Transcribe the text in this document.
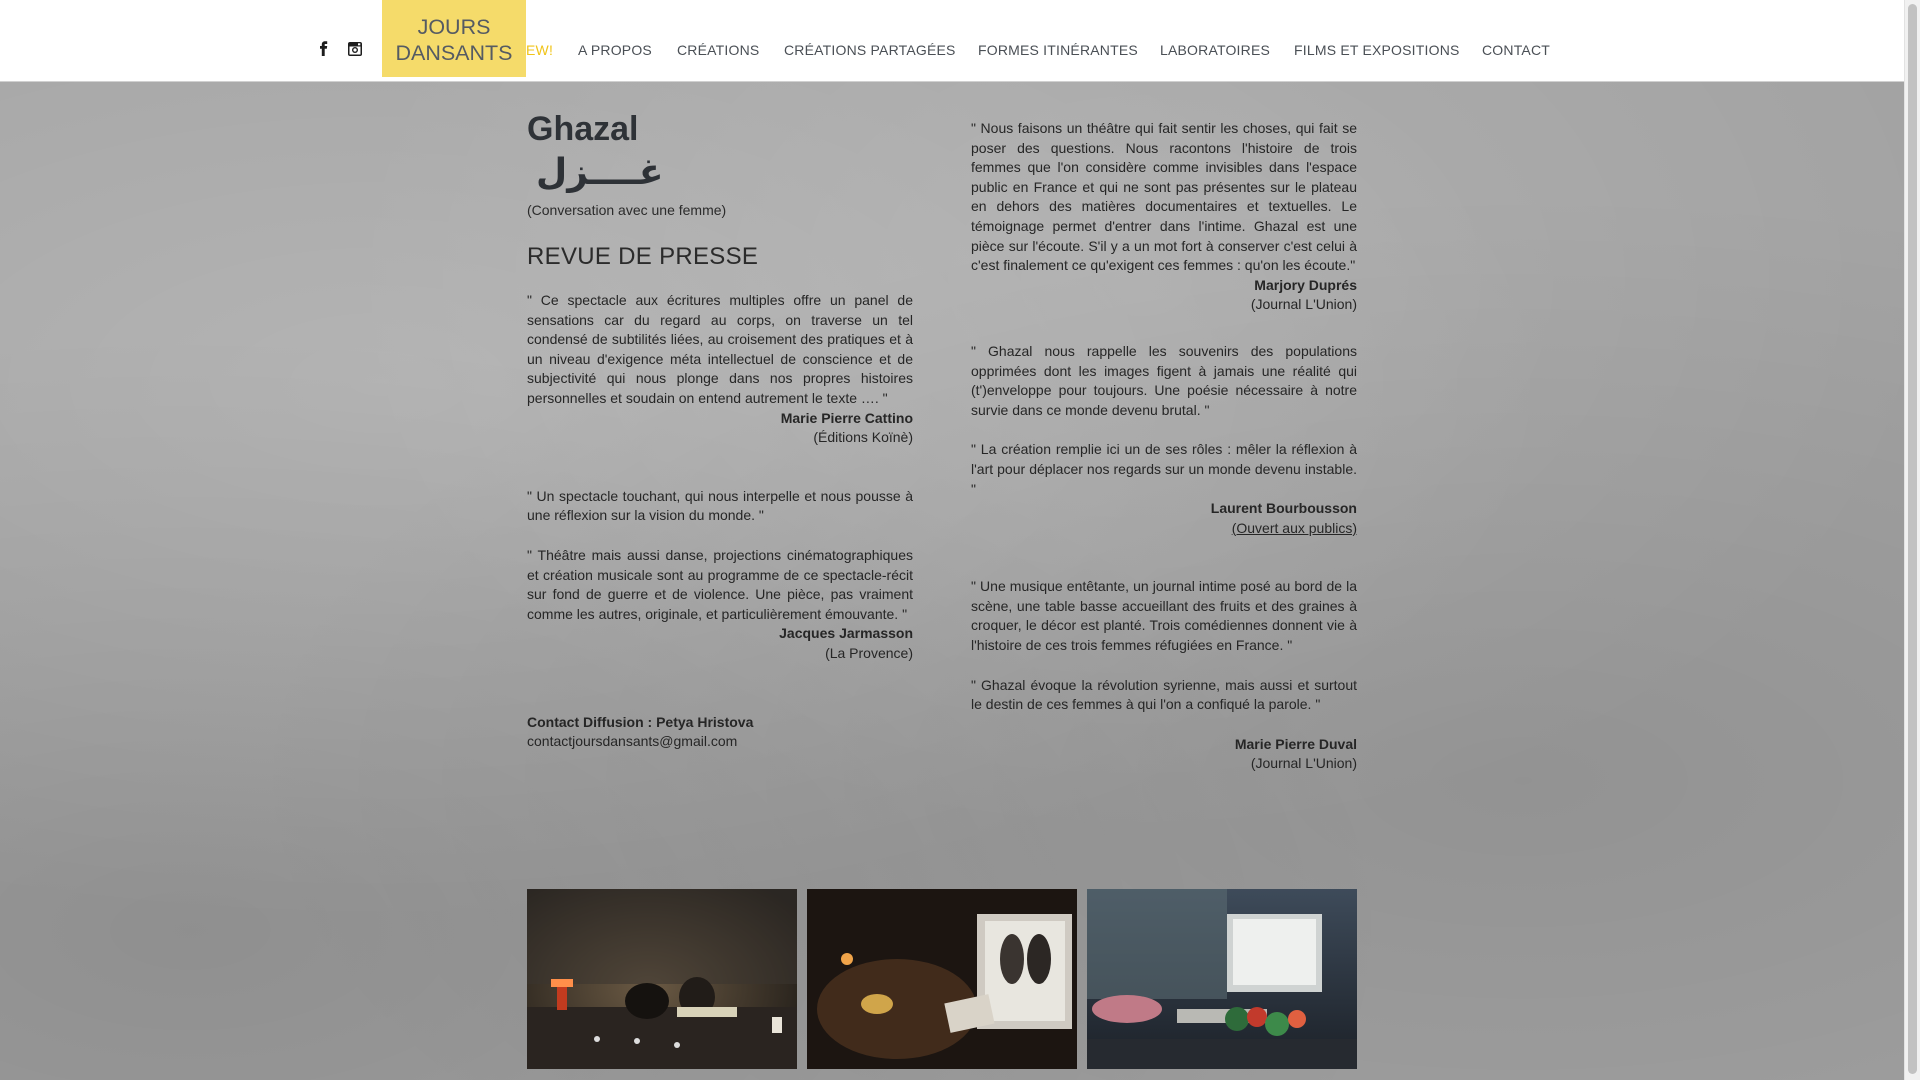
JOURS
DANSANTS EW! A PROPOS CRÉATIONS CRÉATIONS PARTAGÉES FORMES ITINÉRANTES LABORATOIRES FILMS ET EXPOSITIONS CONTACT
Ghazal
غــــزل
(Conversation avec une femme)
REVUE DE PRESSE

" Ce spectacle aux écritures multiples offre un panel de sensations car du regard au corps, on traverse un tel condensé de subtilités liées, au croisement des pratiques et à un niveau d'exigence méta intellectuel de conscience et de subjectivité qui nous plonge dans nos propres histoires personnelles et soudain on entend autrement le texte …. "

Marie Pierre Cattino

(Éditions Koïnè)

" Un spectacle touchant, qui nous interpelle et nous pousse à une réflexion sur la vision du monde. "

" Théâtre mais aussi danse, projections cinématographiques et création musicale sont au programme de ce spectacle-récit sur fond de guerre et de violence. Une pièce, pas vraiment comme les autres, originale, et particulièrement émouvante. "

Jacques Jarmasson

(La Provence)

Contact Diffusion : Petya Hristova

contactjoursdansants@gmail.com

" Nous faisons un théâtre qui fait sentir les choses, qui fait se poser des questions. Nous racontons l'histoire de trois femmes que l'on considère comme invisibles dans l'espace public en France et qui ne sont pas présentes sur le plateau en dehors des matières documentaires et textuelles. Le témoignage permet d'entrer dans l'intime. Ghazal est une pièce sur l'écoute. S'il y a un mot fort à conserver c'est celui à c'est finalement ce qu'exigent ces femmes : qu'on les écoute."

Marjory Duprés

(Journal L'Union)

" Ghazal nous rappelle les souvenirs des populations opprimées dont les images figent à jamais une réalité qui (t')enveloppe pour toujours. Une poésie nécessaire à notre survie dans ce monde devenu brutal. "

" La création remplie ici un de ses rôles : mêler la réflexion à l'art pour déplacer nos regards sur un monde devenu instable. "

Laurent Bourbousson

(Ouvert aux publics)

" Une musique entêtante, un journal intime posé au bord de la scène, une table basse accueillant des fruits et des graines à croquer, le décor est planté. Trois comédiennes donnent vie à l'histoire de ces trois femmes réfugiées en France. "

" Ghazal évoque la révolution syrienne, mais aussi et surtout le destin de ces femmes à qui l'on a confiqué la parole. "

Marie Pierre Duval

(Journal L'Union)
